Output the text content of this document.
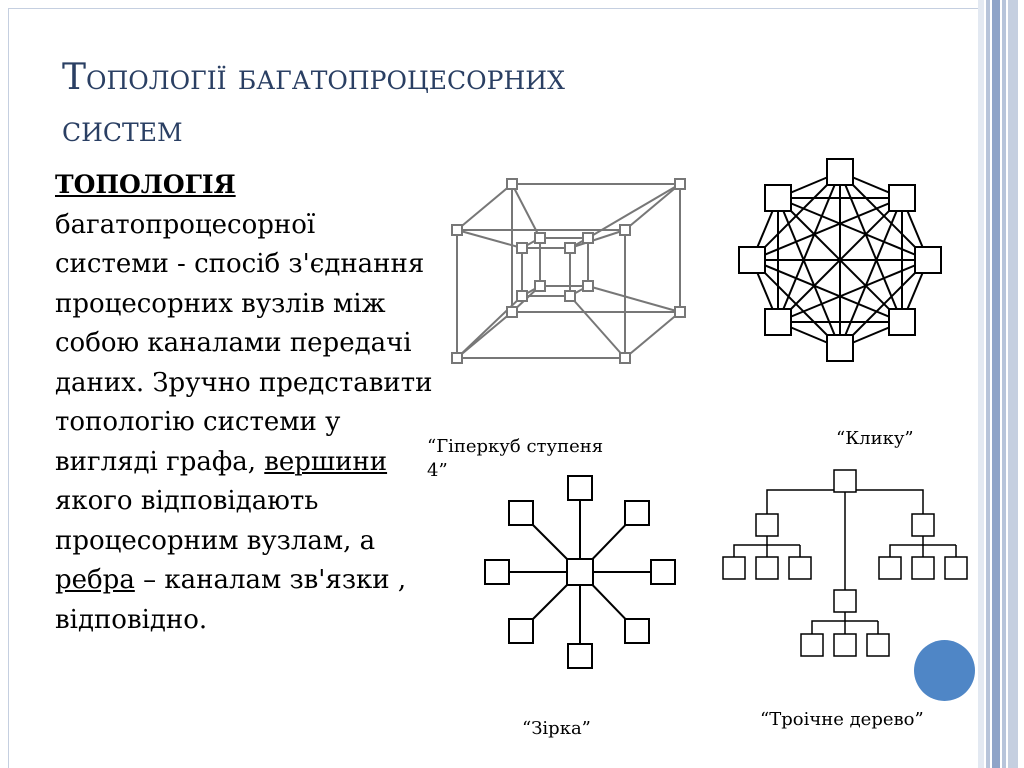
Топології багатопроцесорних
систем
ТОПОЛОГІЯ
багатопроцесорної системи - спосіб з'єднання процесорних вузлів між собою каналами передачі даних. Зручно представити топологію системи у вигляді графа, вершини якого відповідають процесорним вузлам, а ребра – каналам зв'язки , відповідно.
“Гіперкуб ступеня
4”
“Клику”
“Зірка”	“Троічне дерево”
